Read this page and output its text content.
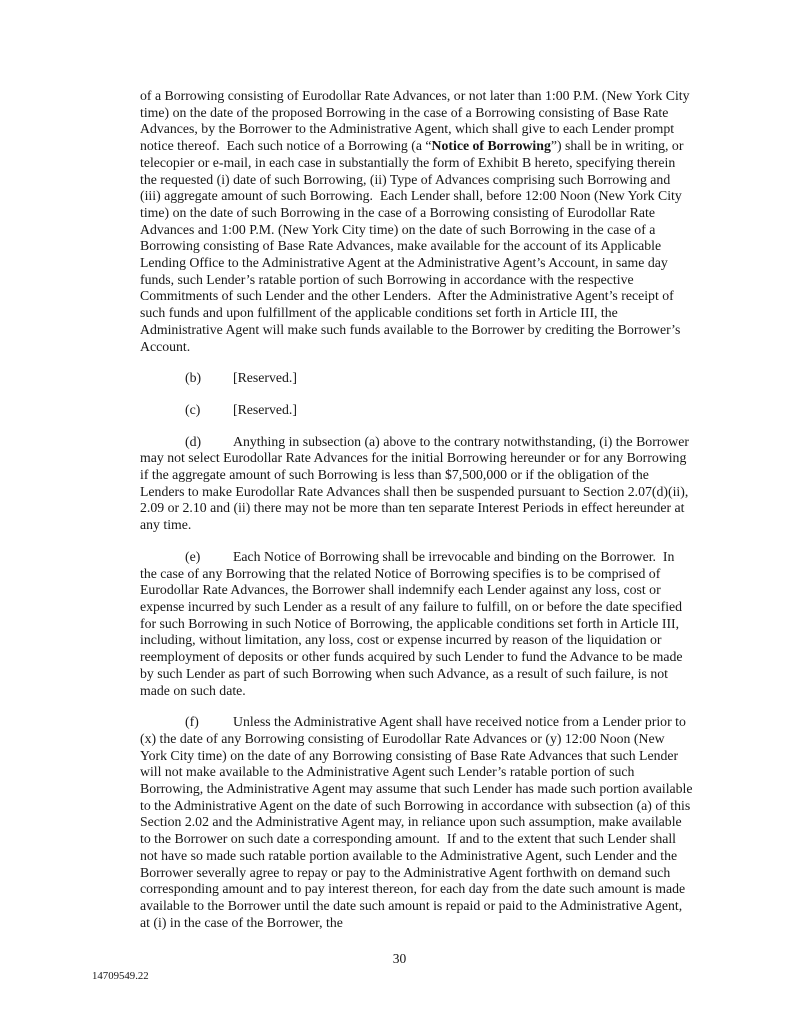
of a Borrowing consisting of Eurodollar Rate Advances, or not later than 1:00 P.M. (New York City time) on the date of the proposed Borrowing in the case of a Borrowing consisting of Base Rate Advances, by the Borrower to the Administrative Agent, which shall give to each Lender prompt notice thereof.  Each such notice of a Borrowing (a “Notice of Borrowing”) shall be in writing, or telecopier or e-mail, in each case in substantially the form of Exhibit B hereto, specifying therein the requested (i) date of such Borrowing, (ii) Type of Advances comprising such Borrowing and (iii) aggregate amount of such Borrowing.  Each Lender shall, before 12:00 Noon (New York City time) on the date of such Borrowing in the case of a Borrowing consisting of Eurodollar Rate Advances and 1:00 P.M. (New York City time) on the date of such Borrowing in the case of a Borrowing consisting of Base Rate Advances, make available for the account of its Applicable Lending Office to the Administrative Agent at the Administrative Agent’s Account, in same day funds, such Lender’s ratable portion of such Borrowing in accordance with the respective Commitments of such Lender and the other Lenders.  After the Administrative Agent’s receipt of such funds and upon fulfillment of the applicable conditions set forth in Article III, the Administrative Agent will make such funds available to the Borrower by crediting the Borrower’s Account.

(b) [Reserved.]

(c) [Reserved.]

(d) Anything in subsection (a) above to the contrary notwithstanding, (i) the Borrower may not select Eurodollar Rate Advances for the initial Borrowing hereunder or for any Borrowing if the aggregate amount of such Borrowing is less than $7,500,000 or if the obligation of the Lenders to make Eurodollar Rate Advances shall then be suspended pursuant to Section 2.07(d)(ii), 2.09 or 2.10 and (ii) there may not be more than ten separate Interest Periods in effect hereunder at any time.

(e) Each Notice of Borrowing shall be irrevocable and binding on the Borrower.  In the case of any Borrowing that the related Notice of Borrowing specifies is to be comprised of Eurodollar Rate Advances, the Borrower shall indemnify each Lender against any loss, cost or expense incurred by such Lender as a result of any failure to fulfill, on or before the date specified for such Borrowing in such Notice of Borrowing, the applicable conditions set forth in Article III, including, without limitation, any loss, cost or expense incurred by reason of the liquidation or reemployment of deposits or other funds acquired by such Lender to fund the Advance to be made by such Lender as part of such Borrowing when such Advance, as a result of such failure, is not made on such date.

(f) Unless the Administrative Agent shall have received notice from a Lender prior to (x) the date of any Borrowing consisting of Eurodollar Rate Advances or (y) 12:00 Noon (New York City time) on the date of any Borrowing consisting of Base Rate Advances that such Lender will not make available to the Administrative Agent such Lender’s ratable portion of such Borrowing, the Administrative Agent may assume that such Lender has made such portion available to the Administrative Agent on the date of such Borrowing in accordance with subsection (a) of this Section 2.02 and the Administrative Agent may, in reliance upon such assumption, make available to the Borrower on such date a corresponding amount.  If and to the extent that such Lender shall not have so made such ratable portion available to the Administrative Agent, such Lender and the Borrower severally agree to repay or pay to the Administrative Agent forthwith on demand such corresponding amount and to pay interest thereon, for each day from the date such amount is made available to the Borrower until the date such amount is repaid or paid to the Administrative Agent, at (i) in the case of the Borrower, the

30
14709549.22
